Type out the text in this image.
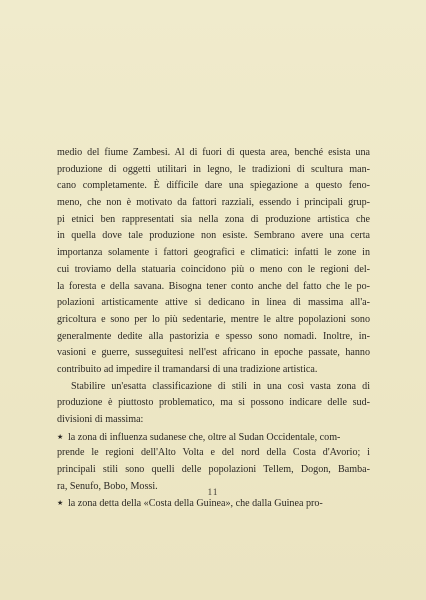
medio del fiume Zambesi. Al di fuori di questa area, benché esista una
produzione di oggetti utilitari in legno, le tradizioni di scultura man-
cano completamente. È difficile dare una spiegazione a questo feno-
meno, che non è motivato da fattori razziali, essendo i principali grup-
pi etnici ben rappresentati sia nella zona di produzione artistica che
in quella dove tale produzione non esiste. Sembrano avere una certa
importanza solamente i fattori geografici e climatici: infatti le zone in
cui troviamo della statuaria coincidono più o meno con le regioni del-
la foresta e della savana. Bisogna tener conto anche del fatto che le po-
polazioni artisticamente attive si dedicano in linea di massima all'a-
gricoltura e sono per lo più sedentarie, mentre le altre popolazioni sono
generalmente dedite alla pastorizia e spesso sono nomadi. Inoltre, in-
vasioni e guerre, susseguitesi nell'est africano in epoche passate, hanno
contribuito ad impedire il tramandarsi di una tradizione artistica.
Stabilire un'esatta classificazione di stili in una così vasta zona di
produzione è piuttosto problematico, ma si possono indicare delle sud-
divisioni di massima:
★ la zona di influenza sudanese che, oltre al Sudan Occidentale, com-
prende le regioni dell'Alto Volta e del nord della Costa d'Avorio; i
principali stili sono quelli delle popolazioni Tellem, Dogon, Bamba-
ra, Senufo, Bobo, Mossi.
★ la zona detta della «Costa della Guinea», che dalla Guinea pro-
11
